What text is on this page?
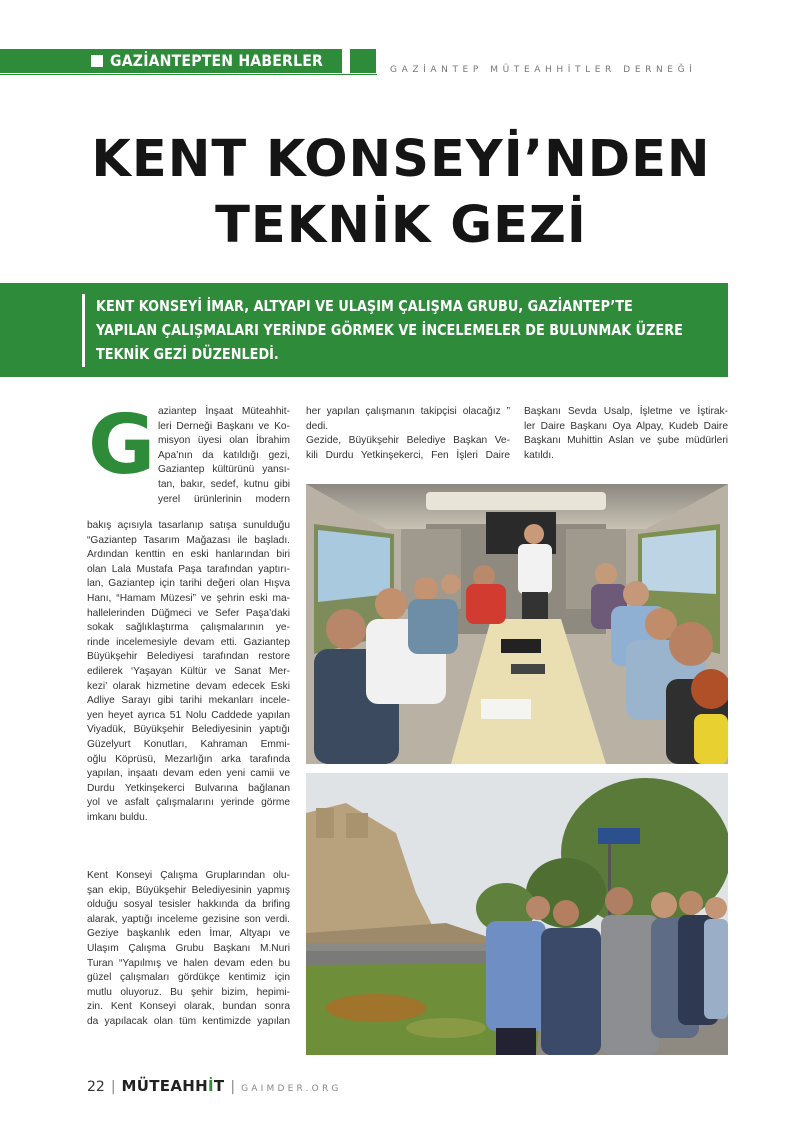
GAZİANTEPTEN HABERLER	GAZİANTEP MÜTEAHHİTLER DERNEĞİ
KENT KONSEYİ’NDEN
TEKNİK GEZİ
KENT KONSEYİ İMAR, ALTYAPI VE ULAŞIM ÇALIŞMA GRUBU, GAZİANTEP’TE
YAPILAN ÇALIŞMALARI YERİNDE GÖRMEK VE İNCELEMELER DE BULUNMAK ÜZERE
TEKNİK GEZİ DÜZENLEDİ.
G aziantep İnşaat Müteahhit-
leri Derneği Başkanı ve Ko-
misyon üyesi olan İbrahim
Apa’nın da katıldığı gezi,
Gaziantep kültürünü yansı-
tan, bakır, sedef, kutnu gibi
yerel ürünlerinin modern
bakış açısıyla tasarlanıp satışa sunulduğu
“Gaziantep Tasarım Mağazası ile başladı.
Ardından kenttin en eski hanlarından biri
olan Lala Mustafa Paşa tarafından yaptırı-
lan, Gaziantep için tarihi değeri olan Hışva
Hanı, “Hamam Müzesi” ve şehrin eski ma-
hallelerinden Düğmeci ve Sefer Paşa’daki
sokak sağlıklaştırma çalışmalarının ye-
rinde incelemesiyle devam etti. Gaziantep
Büyükşehir Belediyesi tarafından restore
edilerek ‘Yaşayan Kültür ve Sanat Mer-
kezi’ olarak hizmetine devam edecek Eski
Adliye Sarayı gibi tarihi mekanları incele-
yen heyet ayrıca 51 Nolu Caddede yapılan
Viyadük, Büyükşehir Belediyesinin yaptığı
Güzelyurt Konutları, Kahraman Emmi-
oğlu Köprüsü, Mezarlığın arka tarafında
yapılan, inşaatı devam eden yeni camii ve
Durdu Yetkinşekerci Bulvarına bağlanan
yol ve asfalt çalışmalarını yerinde görme
imkanı buldu.
Kent Konseyi Çalışma Gruplarından olu-
şan ekip, Büyükşehir Belediyesinin yapmış
olduğu sosyal tesisler hakkında da brifing
alarak, yaptığı inceleme gezisine son verdi.
Geziye başkanlık eden İmar, Altyapı ve
Ulaşım Çalışma Grubu Başkanı M.Nuri
Turan “Yapılmış ve halen devam eden bu
güzel çalışmaları gördükçe kentimiz için
mutlu oluyoruz. Bu şehir bizim, hepimi-
zin. Kent Konseyi olarak, bundan sonra
da yapılacak olan tüm kentimizde yapılan
her yapılan çalışmanın takipçisi olacağız ”
dedi.
Gezide, Büyükşehir Belediye Başkan Ve-
kili Durdu Yetkinşekerci, Fen İşleri Daire
Başkanı Sevda Usalp, İşletme ve İştirak-
ler Daire Başkanı Oya Alpay, Kudeb Daire
Başkanı Muhittin Aslan ve şube müdürleri
katıldı.
22 | MÜTEAHHİT | GAIMDER.ORG
